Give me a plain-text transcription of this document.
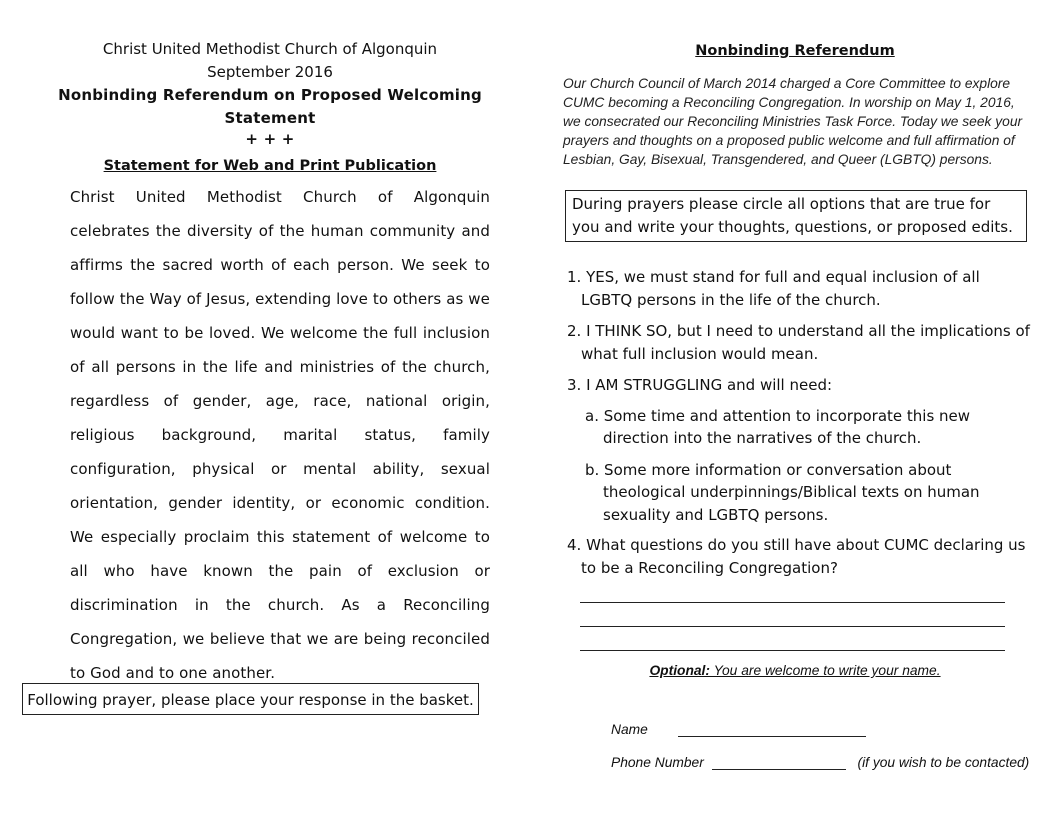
Christ United Methodist Church of Algonquin
September 2016
Nonbinding Referendum on Proposed Welcoming Statement
+ + +
Statement for Web and Print Publication
Christ United Methodist Church of Algonquin celebrates the diversity of the human community and affirms the sacred worth of each person. We seek to follow the Way of Jesus, extending love to others as we would want to be loved. We welcome the full inclusion of all persons in the life and ministries of the church, regardless of gender, age, race, national origin, religious background, marital status, family configuration, physical or mental ability, sexual orientation, gender identity, or economic condition. We especially proclaim this statement of welcome to all who have known the pain of exclusion or discrimination in the church. As a Reconciling Congregation, we believe that we are being reconciled to God and to one another.
Following prayer, please place your response in the basket.
Nonbinding Referendum
Our Church Council of March 2014 charged a Core Committee to explore CUMC becoming a Reconciling Congregation. In worship on May 1, 2016, we consecrated our Reconciling Ministries Task Force. Today we seek your prayers and thoughts on a proposed public welcome and full affirmation of Lesbian, Gay, Bisexual, Transgendered, and Queer (LGBTQ) persons.
During prayers please circle all options that are true for you and write your thoughts, questions, or proposed edits.
1. YES, we must stand for full and equal inclusion of all LGBTQ persons in the life of the church.
2. I THINK SO, but I need to understand all the implications of what full inclusion would mean.
3. I AM STRUGGLING and will need:
a. Some time and attention to incorporate this new direction into the narratives of the church.
b. Some more information or conversation about theological underpinnings/Biblical texts on human sexuality and LGBTQ persons.
4. What questions do you still have about CUMC declaring us to be a Reconciling Congregation?
Optional: You are welcome to write your name.
Name
Phone Number	(if you wish to be contacted)
